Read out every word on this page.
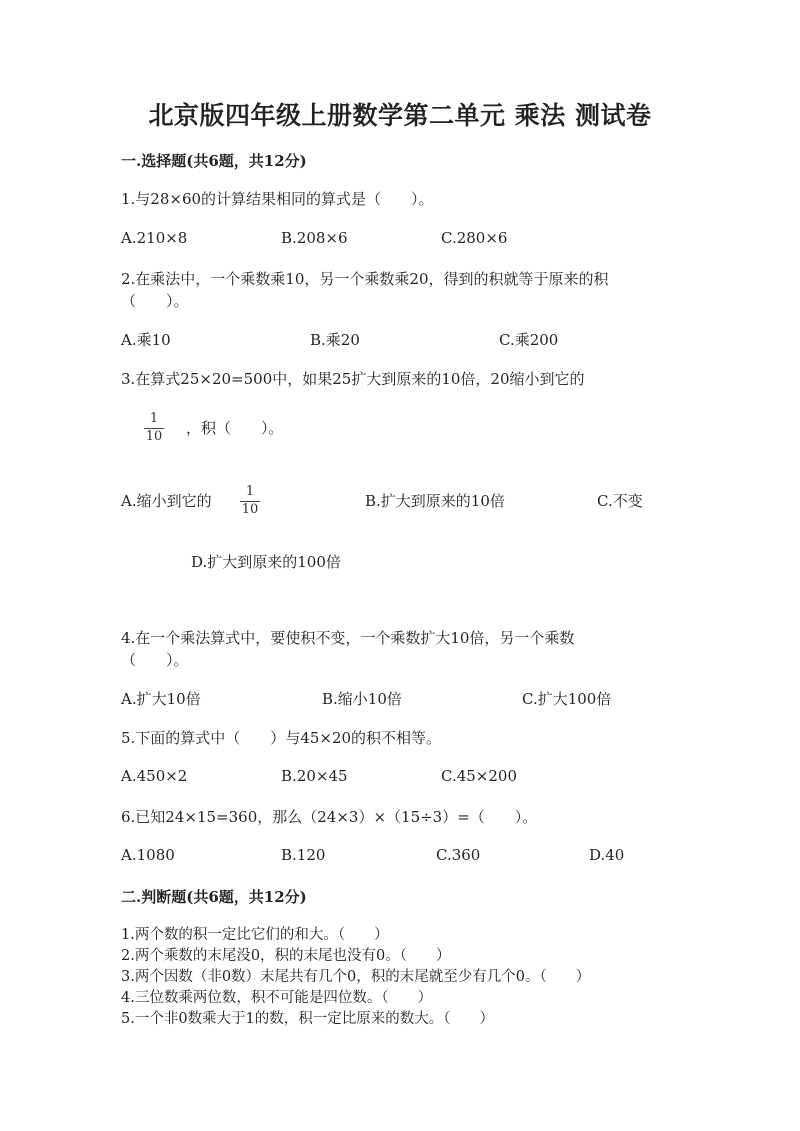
北京版四年级上册数学第二单元 乘法 测试卷
一.选择题(共6题，共12分)
1.与28×60的计算结果相同的算式是（　　）。
A.210×8	B.208×6	C.280×6
2.在乘法中，一个乘数乘10，另一个乘数乘20，得到的积就等于原来的积
（　　）。
A.乘10	B.乘20	C.乘200
3.在算式25×20=500中，如果25扩大到原来的10倍，20缩小到它的
1
10 ，积（　　）。
A.缩小到它的
1
10	B.扩大到原来的10倍	C.不变
D.扩大到原来的100倍
4.在一个乘法算式中，要使积不变，一个乘数扩大10倍，另一个乘数
（　　）。
A.扩大10倍	B.缩小10倍	C.扩大100倍
5.下面的算式中（　　）与45×20的积不相等。
A.450×2	B.20×45	C.45×200
6.已知24×15=360，那么（24×3）×（15÷3）=（　　）。
A.1080	B.120	C.360	D.40
二.判断题(共6题，共12分)
1.两个数的积一定比它们的和大。（　　）
2.两个乘数的末尾没0，积的末尾也没有0。（　　）
3.两个因数（非0数）末尾共有几个0，积的末尾就至少有几个0。（　　）
4.三位数乘两位数，积不可能是四位数。（　　）
5.一个非0数乘大于1的数，积一定比原来的数大。（　　）
